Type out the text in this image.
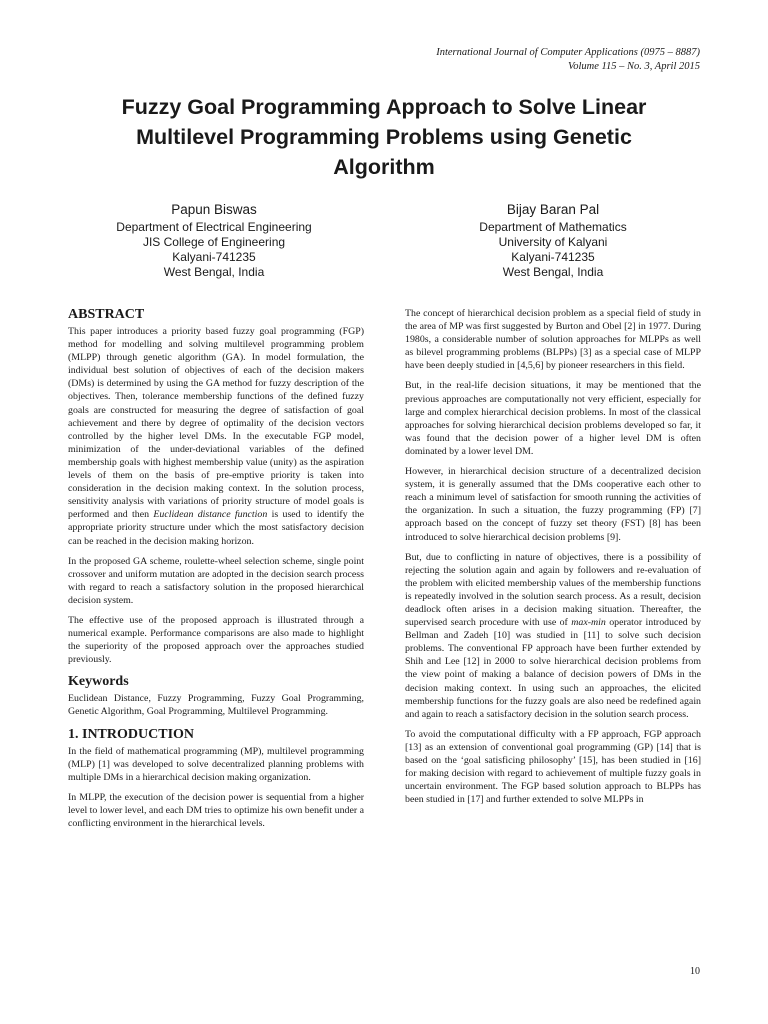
International Journal of Computer Applications (0975 – 8887)
Volume 115 – No. 3, April 2015
Fuzzy Goal Programming Approach to Solve Linear
Multilevel Programming Problems using Genetic
Algorithm
Papun Biswas
Department of Electrical Engineering
JIS College of Engineering
Kalyani-741235
West Bengal, India
Bijay Baran Pal
Department of Mathematics
University of Kalyani
Kalyani-741235
West Bengal, India
ABSTRACT

This paper introduces a priority based fuzzy goal programming (FGP) method for modelling and solving multilevel programming problem (MLPP) through genetic algorithm (GA). In model formulation, the individual best solution of objectives of each of the decision makers (DMs) is determined by using the GA method for fuzzy description of the objectives. Then, tolerance membership functions of the defined fuzzy goals are constructed for measuring the degree of satisfaction of goal achievement and there by degree of optimality of the decision vectors controlled by the higher level DMs. In the executable FGP model, minimization of the under-deviational variables of the defined membership goals with highest membership value (unity) as the aspiration levels of them on the basis of pre-emptive priority is taken into consideration in the decision making context. In the solution process, sensitivity analysis with variations of priority structure of model goals is performed and then Euclidean distance function is used to identify the appropriate priority structure under which the most satisfactory decision can be reached in the decision making horizon.

In the proposed GA scheme, roulette-wheel selection scheme, single point crossover and uniform mutation are adopted in the decision search process with regard to reach a satisfactory solution in the proposed hierarchical decision system.

The effective use of the proposed approach is illustrated through a numerical example. Performance comparisons are also made to highlight the superiority of the proposed approach over the approaches studied previously.

Keywords

Euclidean Distance, Fuzzy Programming, Fuzzy Goal Programming, Genetic Algorithm, Goal Programming, Multilevel Programming.

1. INTRODUCTION

In the field of mathematical programming (MP), multilevel programming (MLP) [1] was developed to solve decentralized planning problems with multiple DMs in a hierarchical decision making organization.

In MLPP, the execution of the decision power is sequential from a higher level to lower level, and each DM tries to optimize his own benefit under a conflicting environment in the hierarchical levels.

The concept of hierarchical decision problem as a special field of study in the area of MP was first suggested by Burton and Obel [2] in 1977. During 1980s, a considerable number of solution approaches for MLPPs as well as bilevel programming problems (BLPPs) [3] as a special case of MLPP have been deeply studied in [4,5,6] by pioneer researchers in this field.

But, in the real-life decision situations, it may be mentioned that the previous approaches are computationally not very efficient, especially for large and complex hierarchical decision problems. In most of the classical approaches for solving hierarchical decision problems developed so far, it was found that the decision power of a higher level DM is often dominated by a lower level DM.

However, in hierarchical decision structure of a decentralized decision system, it is generally assumed that the DMs cooperative each other to reach a minimum level of satisfaction for smooth running the activities of the organization. In such a situation, the fuzzy programming (FP) [7] approach based on the concept of fuzzy set theory (FST) [8] has been introduced to solve hierarchical decision problems [9].

But, due to conflicting in nature of objectives, there is a possibility of rejecting the solution again and again by followers and re-evaluation of the problem with elicited membership values of the membership functions is repeatedly involved in the solution search process. As a result, decision deadlock often arises in a decision making situation. Thereafter, the supervised search procedure with use of max-min operator introduced by Bellman and Zadeh [10] was studied in [11] to solve such decision problems. The conventional FP approach have been further extended by Shih and Lee [12] in 2000 to solve hierarchical decision problems from the view point of making a balance of decision powers of DMs in the decision making context. In using such an approaches, the elicited membership functions for the fuzzy goals are also need be redefined again and again to reach a satisfactory decision in the solution search process.

To avoid the computational difficulty with a FP approach, FGP approach [13] as an extension of conventional goal programming (GP) [14] that is based on the ‘goal satisficing philosophy’ [15], has been studied in [16] for making decision with regard to achievement of multiple fuzzy goals in uncertain environment. The FGP based solution approach to BLPPs has been studied in [17] and further extended to solve MLPPs in

10
